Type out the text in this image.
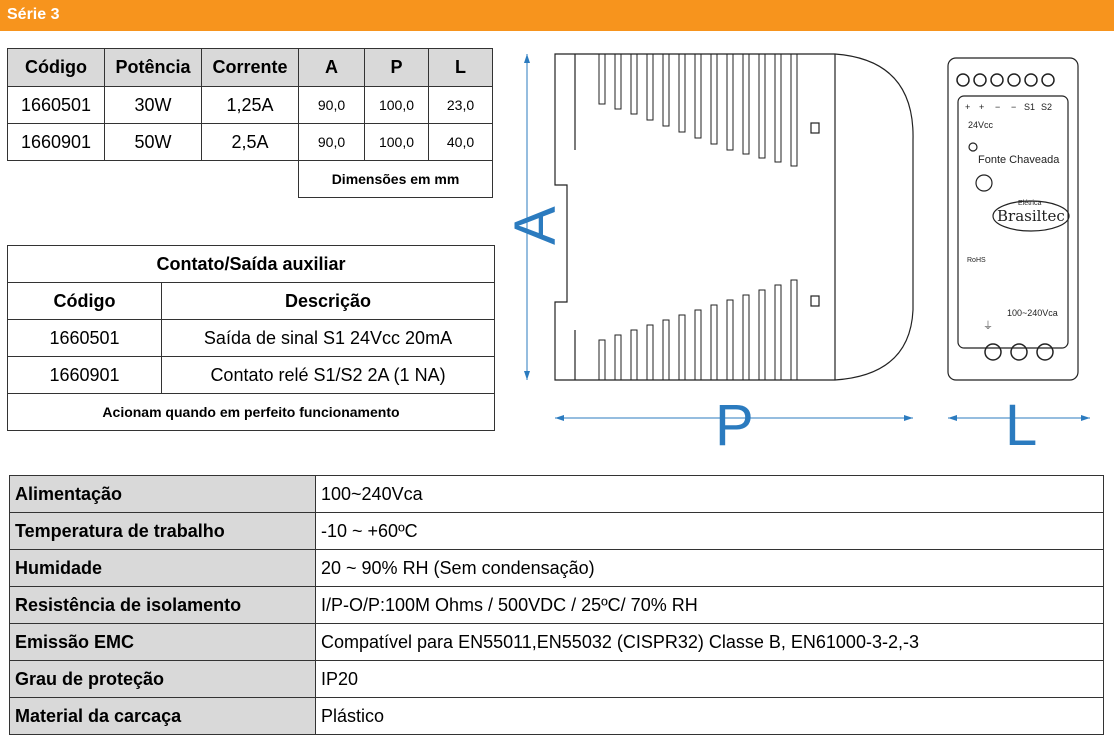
Série 3
Código	Potência	Corrente	A	P	L
1660501	30W	1,25A	90,0	100,0	23,0
1660901	50W	2,5A	90,0	100,0	40,0
			Dimensões em mm		
Contato/Saída auxiliar	
Código	Descrição
1660501	Saída de sinal S1 24Vcc 20mA
1660901	Contato relé S1/S2 2A (1 NA)
Acionam quando em perfeito funcionamento	
+ + − − S1 S2
24Vcc
Fonte Chaveada
Elétrica
Brasiltec
RoHS
100~240Vca
⏚
A
P	L
Alimentação	100~240Vca
Temperatura de trabalho	-10 ~ +60ºC
Humidade	20 ~ 90% RH (Sem condensação)
Resistência de isolamento	I/P-O/P:100M Ohms / 500VDC / 25ºC/ 70% RH
Emissão EMC	Compatível para EN55011,EN55032 (CISPR32) Classe B, EN61000-3-2,-3
Grau de proteção	IP20
Material da carcaça	Plástico
